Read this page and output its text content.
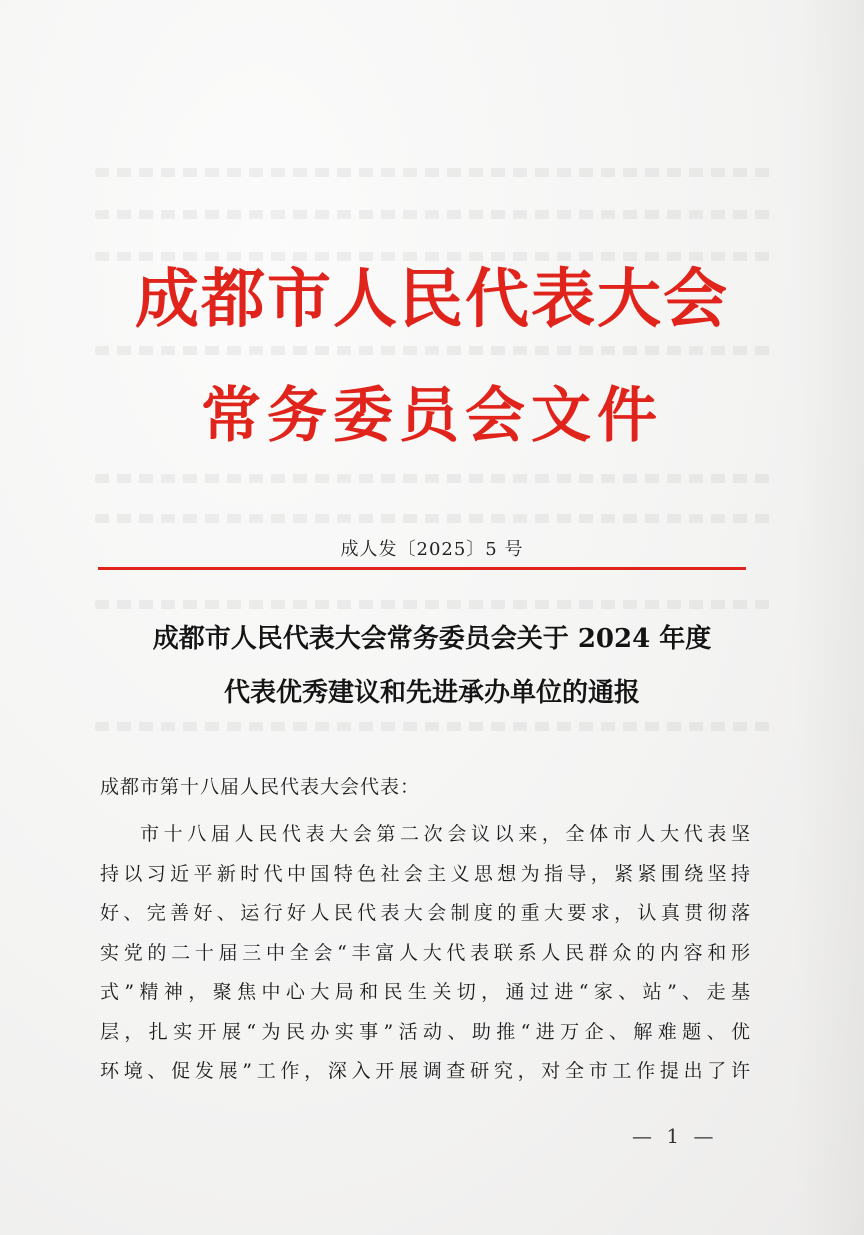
成都市人民代表大会
常务委员会文件
成人发〔2025〕5 号
成都市人民代表大会常务委员会关于 2024 年度
代表优秀建议和先进承办单位的通报
成都市第十八届人民代表大会代表：
市十八届人民代表大会第二次会议以来，全体市人大代表坚
持以习近平新时代中国特色社会主义思想为指导，紧紧围绕坚持
好、完善好、运行好人民代表大会制度的重大要求，认真贯彻落
实党的二十届三中全会“丰富人大代表联系人民群众的内容和形
式”精神，聚焦中心大局和民生关切，通过进“家、站”、走基
层，扎实开展“为民办实事”活动、助推“进万企、解难题、优
环境、促发展”工作，深入开展调查研究，对全市工作提出了许
— 1 —
